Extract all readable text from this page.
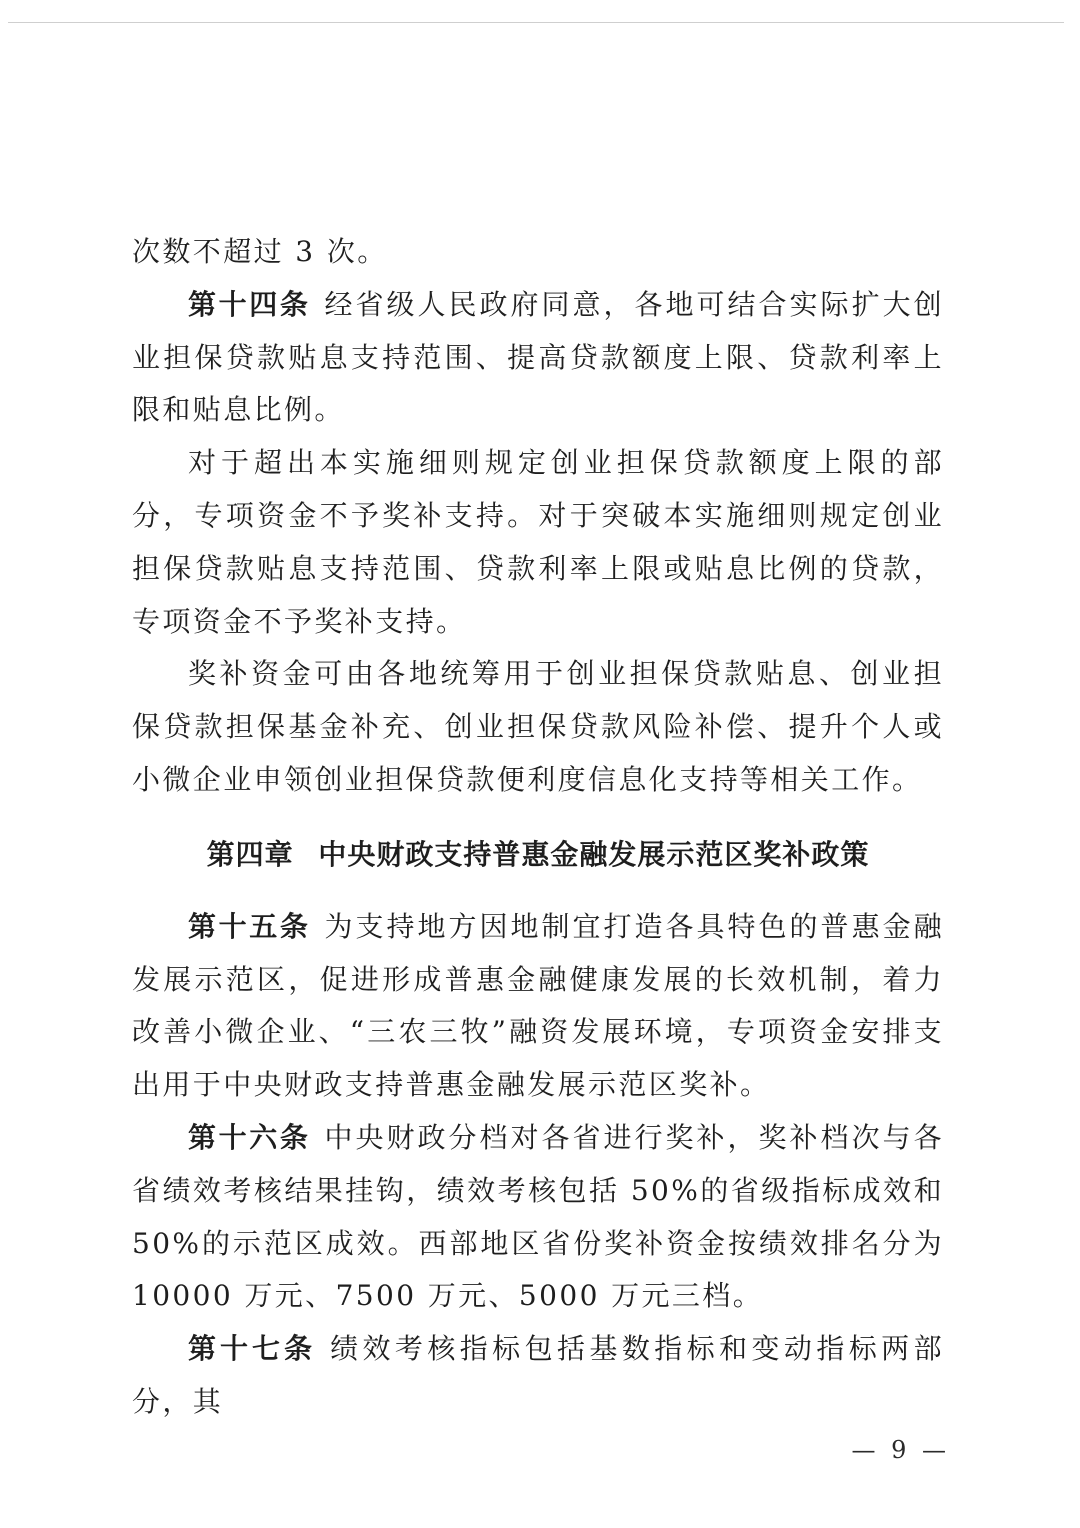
次数不超过 3 次。

第十四条 经省级人民政府同意，各地可结合实际扩大创业担保贷款贴息支持范围、提高贷款额度上限、贷款利率上限和贴息比例。

对于超出本实施细则规定创业担保贷款额度上限的部分，专项资金不予奖补支持。对于突破本实施细则规定创业担保贷款贴息支持范围、贷款利率上限或贴息比例的贷款，专项资金不予奖补支持。

奖补资金可由各地统筹用于创业担保贷款贴息、创业担保贷款担保基金补充、创业担保贷款风险补偿、提升个人或小微企业申领创业担保贷款便利度信息化支持等相关工作。

第四章 中央财政支持普惠金融发展示范区奖补政策

第十五条 为支持地方因地制宜打造各具特色的普惠金融发展示范区，促进形成普惠金融健康发展的长效机制，着力改善小微企业、“三农三牧”融资发展环境，专项资金安排支出用于中央财政支持普惠金融发展示范区奖补。

第十六条 中央财政分档对各省进行奖补，奖补档次与各省绩效考核结果挂钩，绩效考核包括 50%的省级指标成效和 50%的示范区成效。西部地区省份奖补资金按绩效排名分为 10000 万元、7500 万元、5000 万元三档。

第十七条 绩效考核指标包括基数指标和变动指标两部分，其

— 9 —
